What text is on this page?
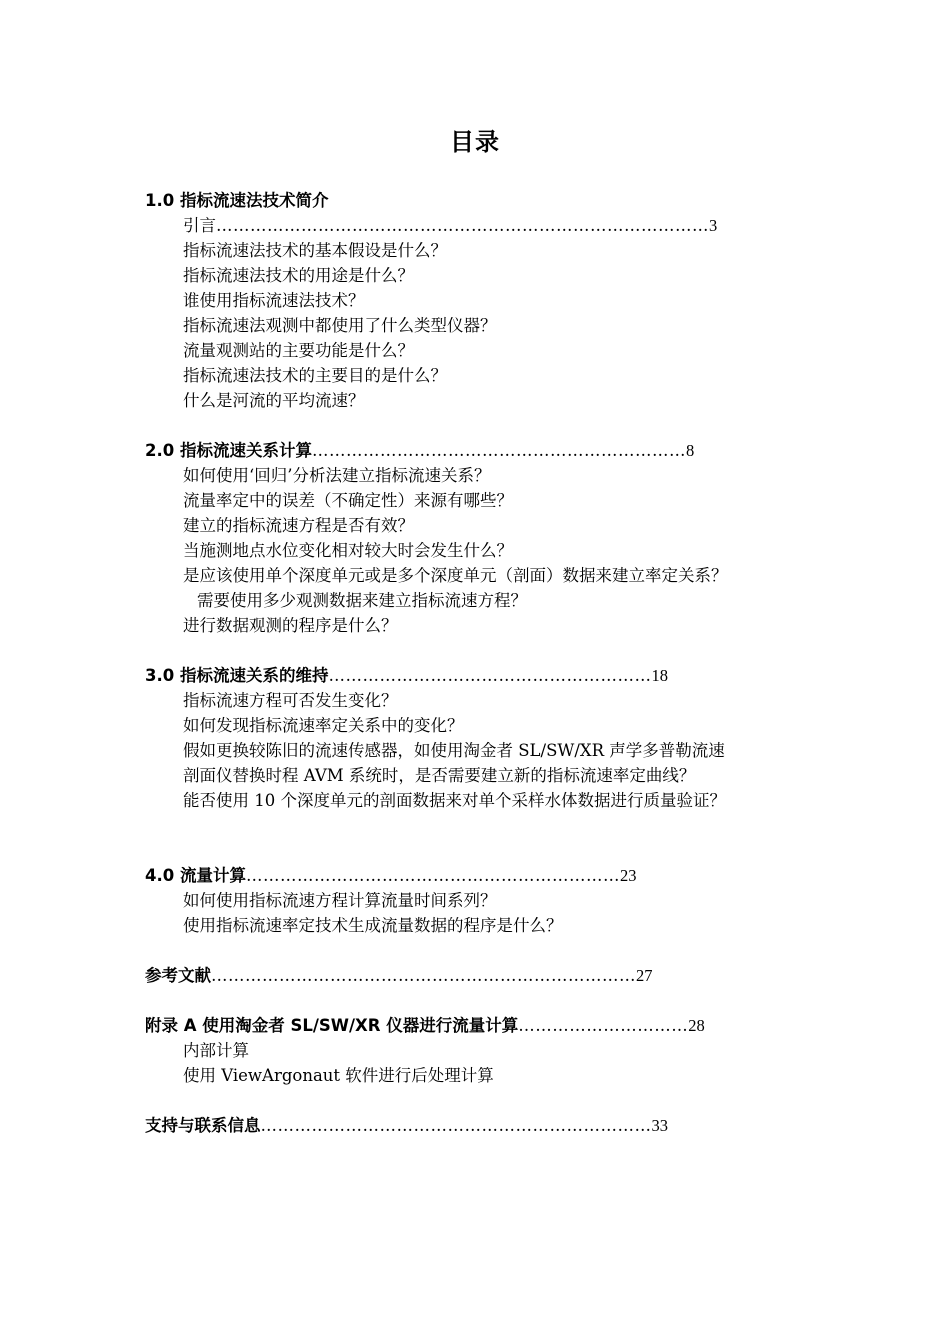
目录
1.0 指标流速法技术简介
引言……………………………………………………………………………3
指标流速法技术的基本假设是什么？
指标流速法技术的用途是什么？
谁使用指标流速法技术？
指标流速法观测中都使用了什么类型仪器？
流量观测站的主要功能是什么？
指标流速法技术的主要目的是什么？
什么是河流的平均流速？
2.0 指标流速关系计算…………………………………………………………8
如何使用‘回归’分析法建立指标流速关系？
流量率定中的误差（不确定性）来源有哪些？
建立的指标流速方程是否有效？
当施测地点水位变化相对较大时会发生什么？
是应该使用单个深度单元或是多个深度单元（剖面）数据来建立率定关系？
需要使用多少观测数据来建立指标流速方程？
进行数据观测的程序是什么？
3.0 指标流速关系的维持…………………………………………………18
指标流速方程可否发生变化？
如何发现指标流速率定关系中的变化？
假如更换较陈旧的流速传感器，如使用淘金者 SL/SW/XR 声学多普勒流速
剖面仪替换时程 AVM 系统时，是否需要建立新的指标流速率定曲线？
能否使用 10 个深度单元的剖面数据来对单个采样水体数据进行质量验证？
4.0 流量计算…………………………………………………………23
如何使用指标流速方程计算流量时间系列？
使用指标流速率定技术生成流量数据的程序是什么？
参考文献…………………………………………………………………27
附录 A 使用淘金者 SL/SW/XR 仪器进行流量计算…………………………28
内部计算
使用 ViewArgonaut 软件进行后处理计算
支持与联系信息……………………………………………………………33
